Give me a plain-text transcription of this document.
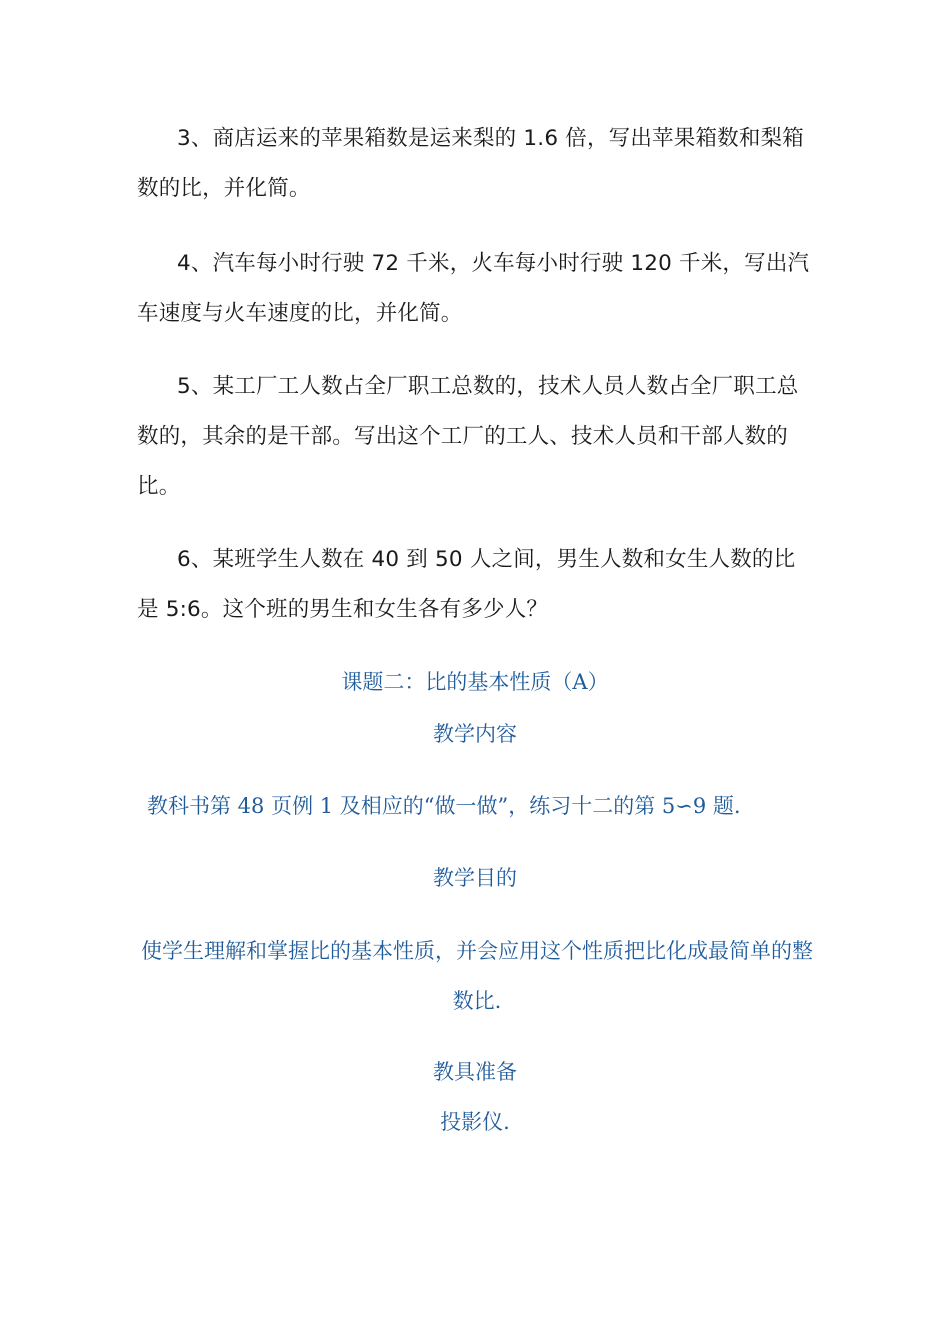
3、商店运来的苹果箱数是运来梨的 1.6 倍，写出苹果箱数和梨箱数的比，并化简。

4、汽车每小时行驶 72 千米，火车每小时行驶 120 千米，写出汽车速度与火车速度的比，并化简。

5、某工厂工人数占全厂职工总数的，技术人员人数占全厂职工总数的，其余的是干部。写出这个工厂的工人、技术人员和干部人数的比。

6、某班学生人数在 40 到 50 人之间，男生人数和女生人数的比是 5:6。这个班的男生和女生各有多少人？

课题二：比的基本性质（A）

教学内容

教科书第 48 页例 1 及相应的“做一做”，练习十二的第 5∽9 题.

教学目的

使学生理解和掌握比的基本性质，并会应用这个性质把比化成最简单的整数比.

教具准备

投影仪.
